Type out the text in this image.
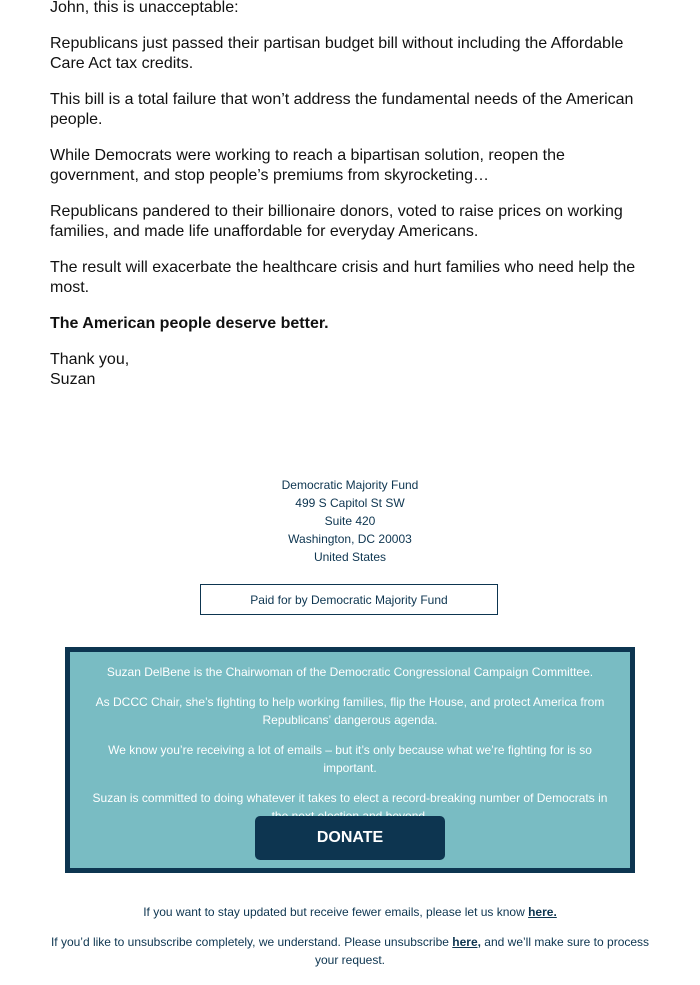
John, this is unacceptable:

Republicans just passed their partisan budget bill without including the Affordable Care Act tax credits.

This bill is a total failure that won’t address the fundamental needs of the American people.

While Democrats were working to reach a bipartisan solution, reopen the government, and stop people’s premiums from skyrocketing…

Republicans pandered to their billionaire donors, voted to raise prices on working families, and made life unaffordable for everyday Americans.

The result will exacerbate the healthcare crisis and hurt families who need help the most.

The American people deserve better.

Thank you,
Suzan

Democratic Majority Fund
499 S Capitol St SW
Suite 420
Washington, DC 20003
United States
Paid for by Democratic Majority Fund

Suzan DelBene is the Chairwoman of the Democratic Congressional Campaign Committee.

As DCCC Chair, she’s fighting to help working families, flip the House, and protect America from Republicans’ dangerous agenda.

We know you’re receiving a lot of emails – but it’s only because what we’re fighting for is so important.

Suzan is committed to doing whatever it takes to elect a record-breaking number of Democrats in

DONATE

If you want to stay updated but receive fewer emails, please let us know here.

If you’d like to unsubscribe completely, we understand. Please unsubscribe here, and we’ll make sure to process your request.
